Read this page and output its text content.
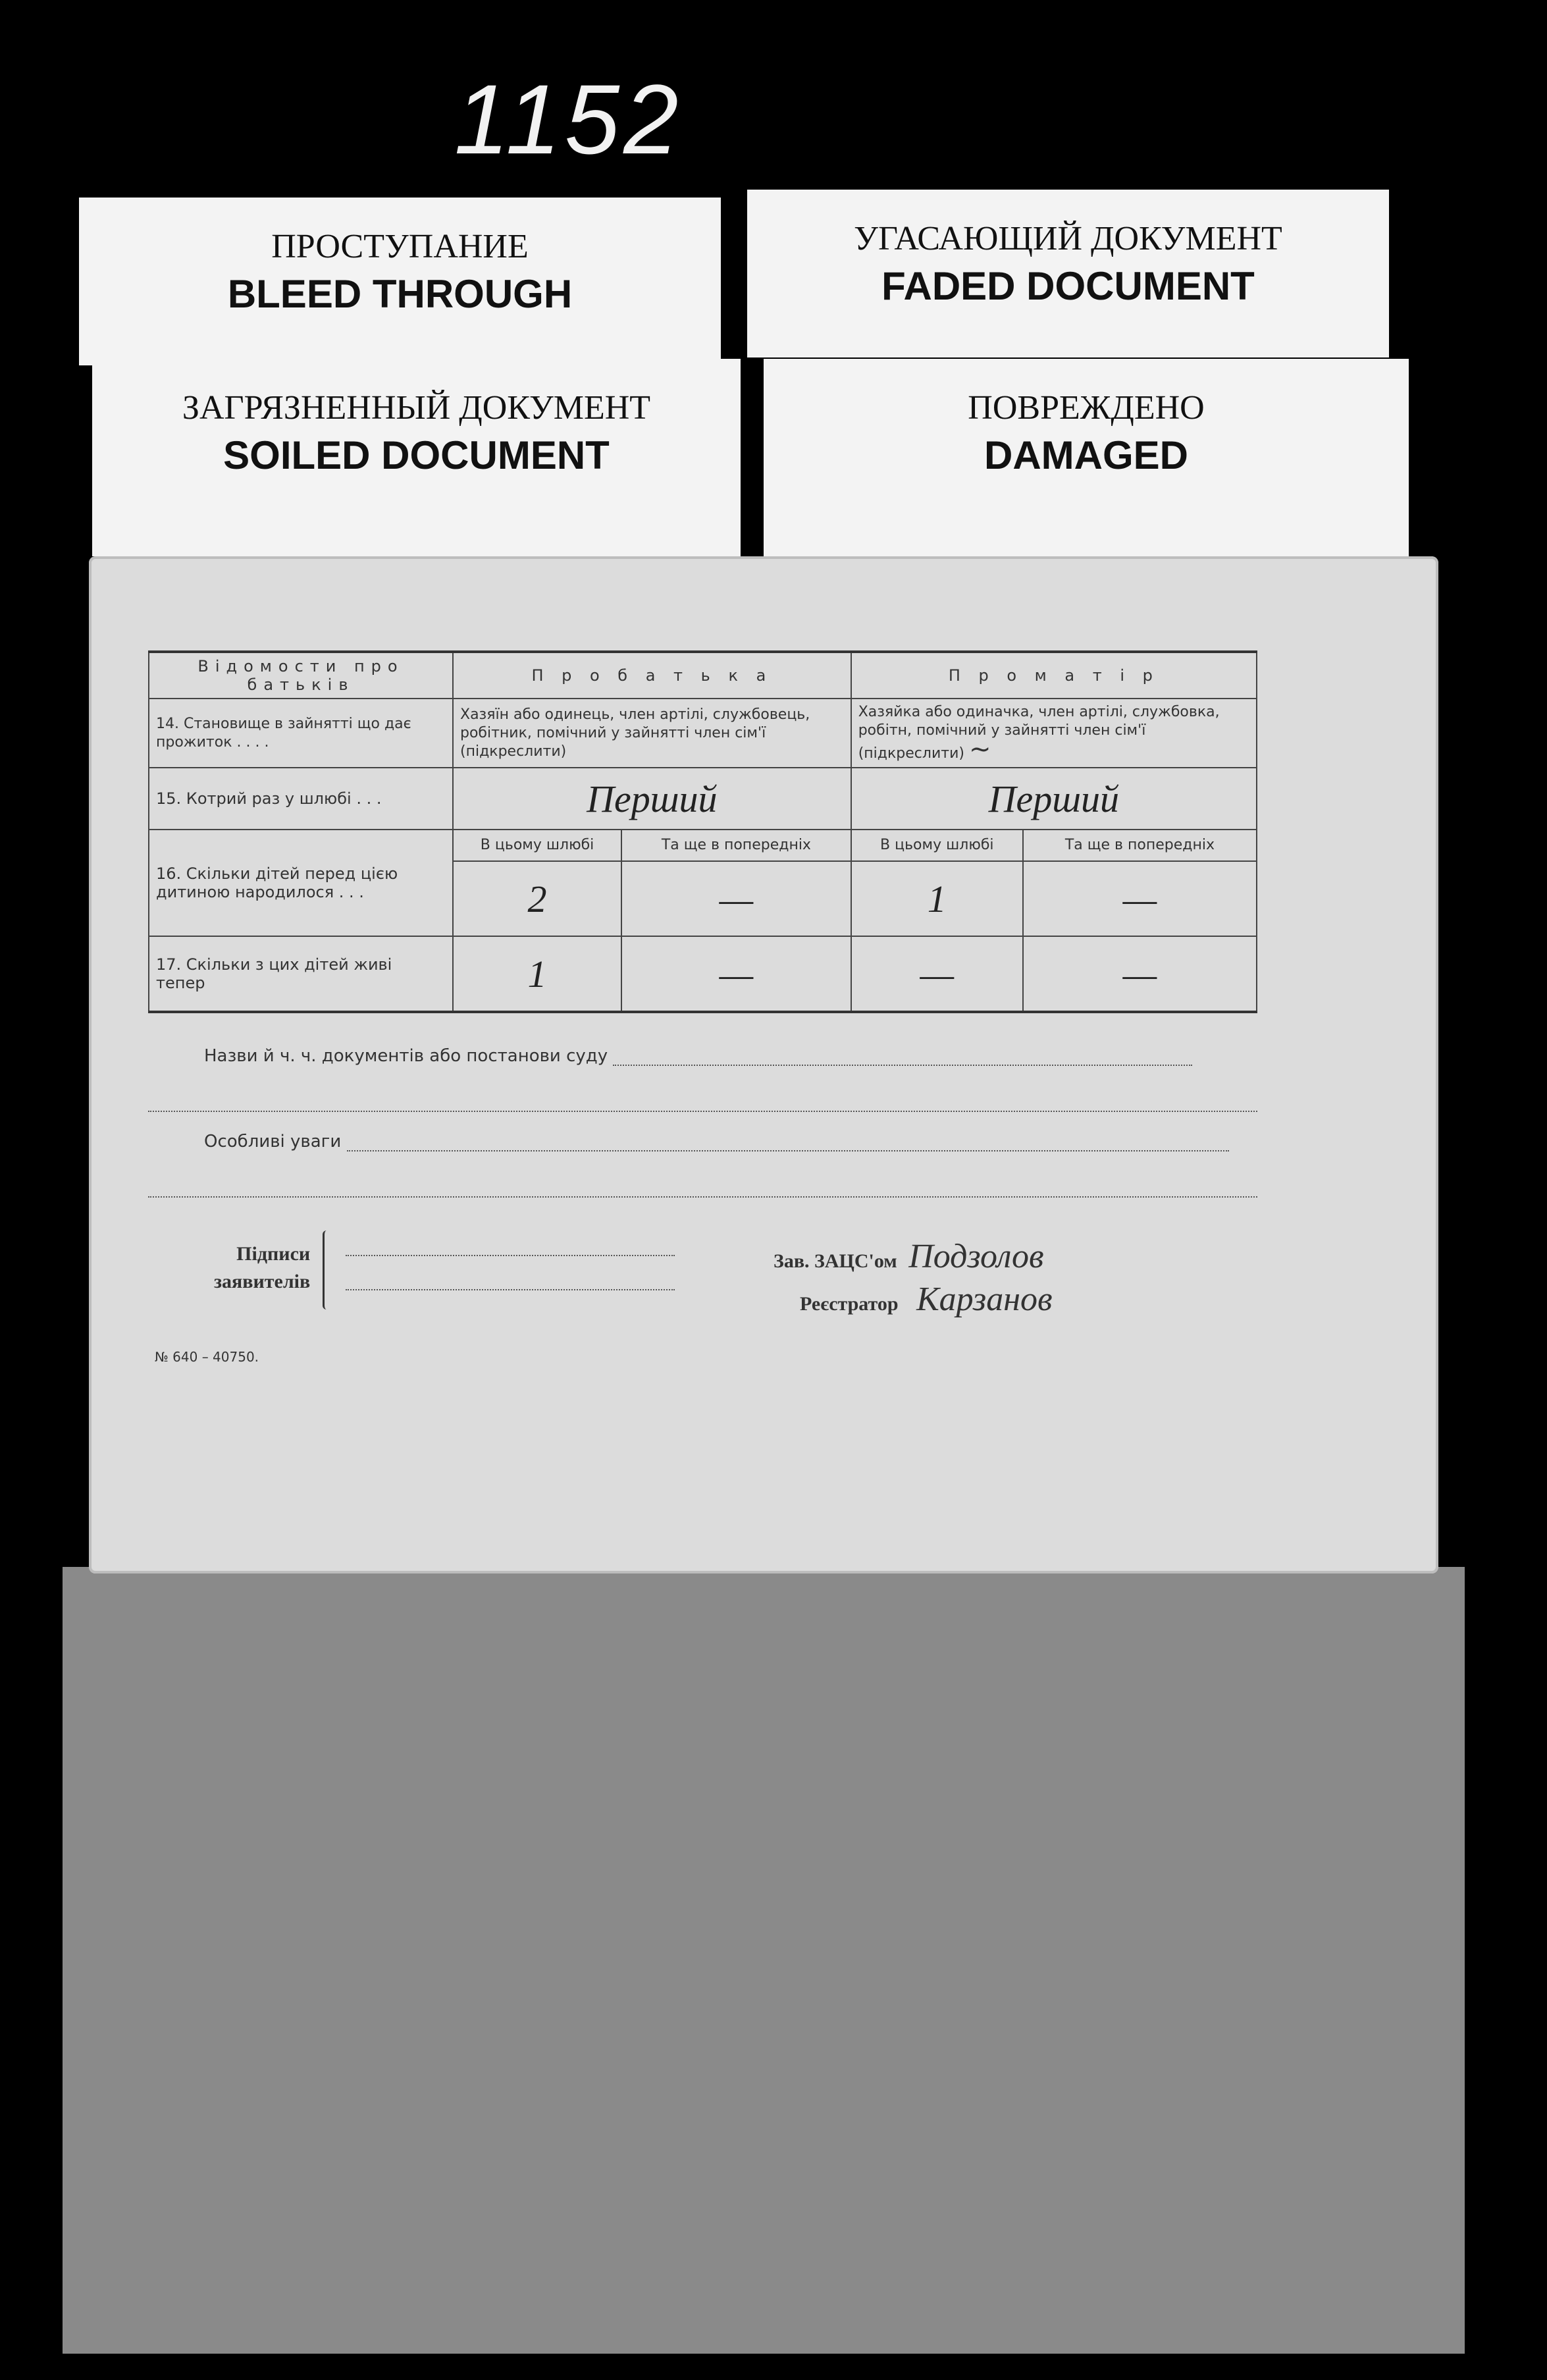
1152
ПРОСТУПАНИЕ
BLEED THROUGH
УГАСАЮЩИЙ ДОКУМЕНТ
FADED DOCUMENT
ЗАГРЯЗНЕННЫЙ ДОКУМЕНТ
SOILED DOCUMENT
ПОВРЕЖДЕНО
DAMAGED
Відомости про батьків	П р о б а т ь к а		П р о м а т і р	
14. Становище в зайнятті що дає прожиток . . . .	Хазяїн або одинець, член артілі, службовець, робітник, помічний у зайнятті член сім'ї (підкреслити)		Хазяйка або одиначка, член артілі, службовка, робітн, помічний у зайнятті член сім'ї (підкреслити) ~	
15. Котрий раз у шлюбі . . .	Перший		Перший	
16. Скільки дітей перед цією дитиною народилося . . .	В цьому шлюбі	Та ще в попередніх	В цьому шлюбі	Та ще в попередніх
	2	—	1	—
17. Скільки з цих дітей живі тепер	1	—	—	—
Назви й ч. ч. документів або постанови суду
Особливі уваги
Підписи
заявителів
Зав. ЗАЦС'ом Подзолов
Реєстратор Карзанов
№ 640 – 40750.
